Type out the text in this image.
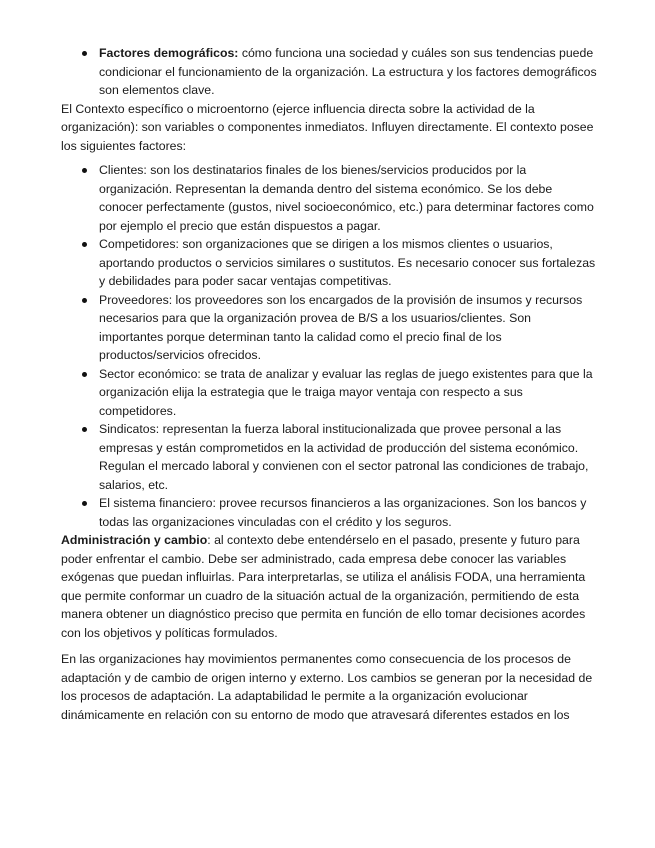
Factores demográficos: cómo funciona una sociedad y cuáles son sus tendencias puede condicionar el funcionamiento de la organización. La estructura y los factores demográficos son elementos clave.

El Contexto específico o microentorno (ejerce influencia directa sobre la actividad de la organización): son variables o componentes inmediatos. Influyen directamente. El contexto posee los siguientes factores:

Clientes: son los destinatarios finales de los bienes/servicios producidos por la organización. Representan la demanda dentro del sistema económico. Se los debe conocer perfectamente (gustos, nivel socioeconómico, etc.) para determinar factores como por ejemplo el precio que están dispuestos a pagar.
Competidores: son organizaciones que se dirigen a los mismos clientes o usuarios, aportando productos o servicios similares o sustitutos. Es necesario conocer sus fortalezas y debilidades para poder sacar ventajas competitivas.
Proveedores: los proveedores son los encargados de la provisión de insumos y recursos necesarios para que la organización provea de B/S a los usuarios/clientes. Son importantes porque determinan tanto la calidad como el precio final de los productos/servicios ofrecidos.
Sector económico: se trata de analizar y evaluar las reglas de juego existentes para que la organización elija la estrategia que le traiga mayor ventaja con respecto a sus competidores.
Sindicatos: representan la fuerza laboral institucionalizada que provee personal a las empresas y están comprometidos en la actividad de producción del sistema económico. Regulan el mercado laboral y convienen con el sector patronal las condiciones de trabajo, salarios, etc.
El sistema financiero: provee recursos financieros a las organizaciones. Son los bancos y todas las organizaciones vinculadas con el crédito y los seguros.

Administración y cambio: al contexto debe entendérselo en el pasado, presente y futuro para poder enfrentar el cambio. Debe ser administrado, cada empresa debe conocer las variables exógenas que puedan influirlas. Para interpretarlas, se utiliza el análisis FODA, una herramienta que permite conformar un cuadro de la situación actual de la organización, permitiendo de esta manera obtener un diagnóstico preciso que permita en función de ello tomar decisiones acordes con los objetivos y políticas formulados.

En las organizaciones hay movimientos permanentes como consecuencia de los procesos de adaptación y de cambio de origen interno y externo. Los cambios se generan por la necesidad de los procesos de adaptación. La adaptabilidad le permite a la organización evolucionar dinámicamente en relación con su entorno de modo que atravesará diferentes estados en los
